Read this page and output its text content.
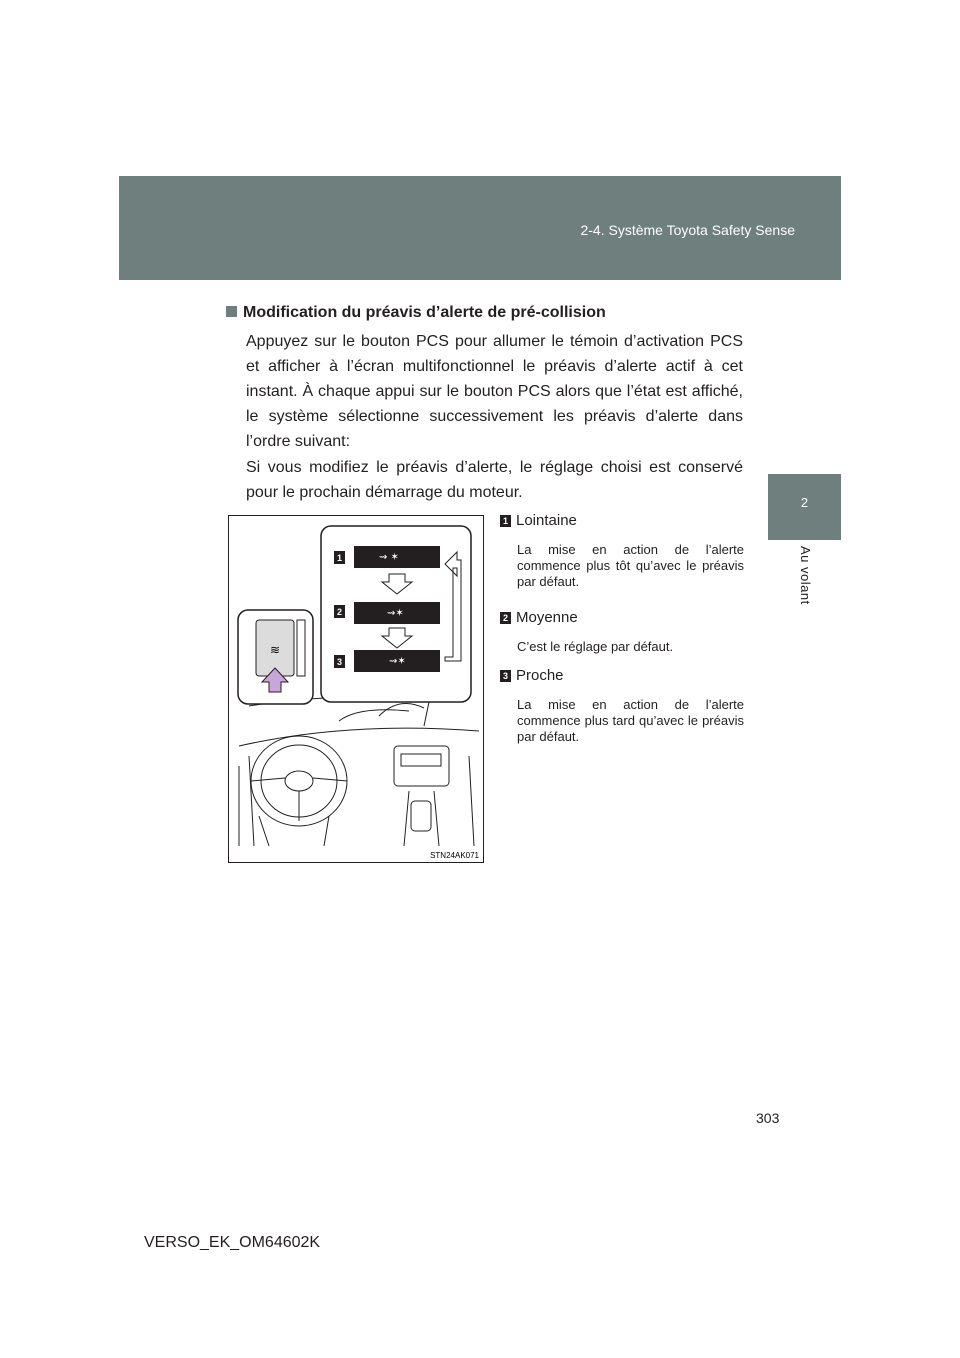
2-4. Système Toyota Safety Sense
2
Au volant
Modification du préavis d’alerte de pré-collision
Appuyez sur le bouton PCS pour allumer le témoin d’activation PCS et afficher à l’écran multifonctionnel le préavis d’alerte actif à cet instant. À chaque appui sur le bouton PCS alors que l’état est affiché, le système sélectionne successivement les préavis d’alerte dans l’ordre suivant:
Si vous modifiez le préavis d’alerte, le réglage choisi est conservé pour le prochain démarrage du moteur.
≋
⇝ ✶
⇝✶
⇝✶
1
2
3
STN24AK071
1 Lointaine
La mise en action de l’alerte commence plus tôt qu’avec le préavis par défaut.
2 Moyenne
C’est le réglage par défaut.
3 Proche
La mise en action de l’alerte commence plus tard qu’avec le préavis par défaut.
303
VERSO_EK_OM64602K
